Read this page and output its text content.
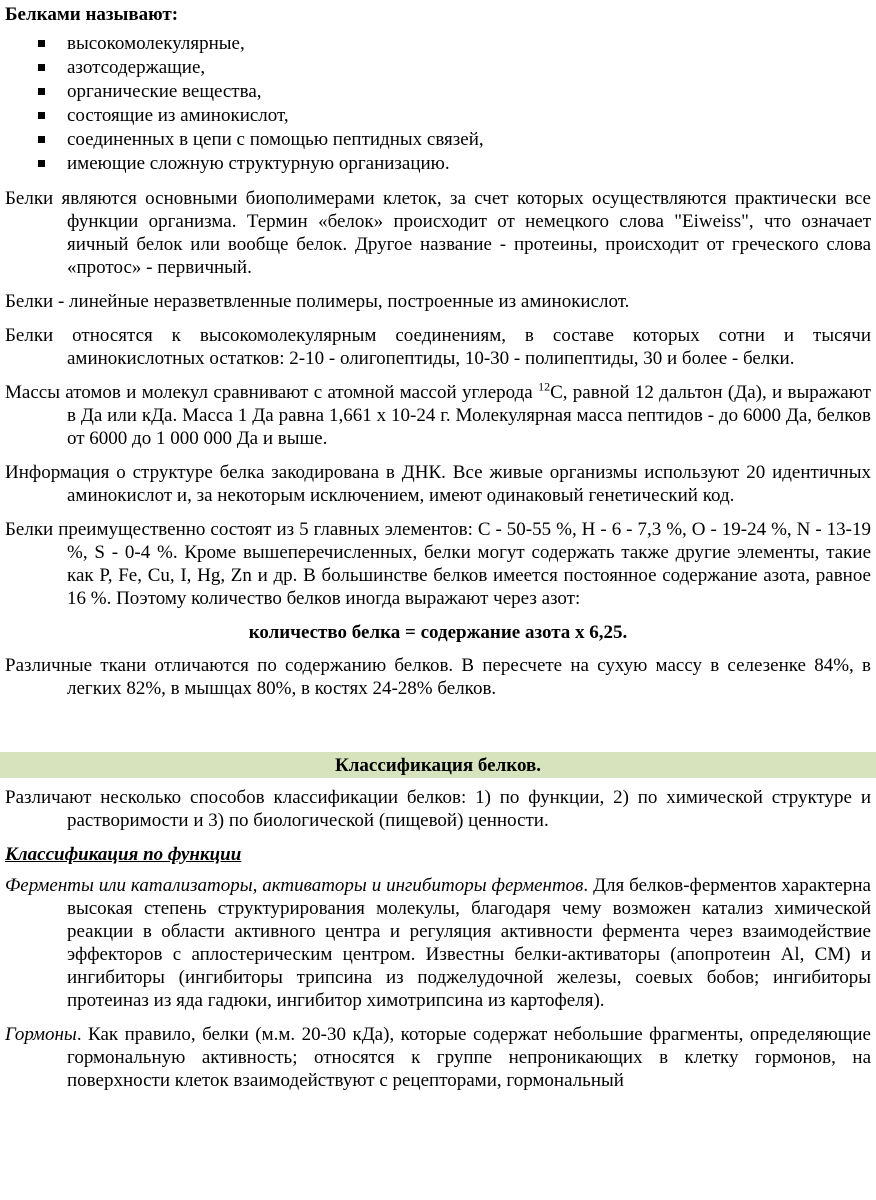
Белками называют:
высокомолекулярные,
азотсодержащие,
органические вещества,
состоящие из аминокислот,
соединенных в цепи с помощью пептидных связей,
имеющие сложную структурную организацию.

Белки являются основными биополимерами клеток, за счет которых осуществляются практически все функции организма. Термин «белок» происходит от немецкого слова "Eiweiss", что означает яичный белок или вообще белок. Другое название - протеины, происходит от греческого слова «протос» - первичный.

Белки - линейные неразветвленные полимеры, построенные из аминокислот.

Белки относятся к высокомолекулярным соединениям, в составе которых сотни и тысячи аминокислотных остатков: 2-10 - олигопептиды, 10-30 - полипептиды, 30 и более - белки.

Массы атомов и молекул сравнивают с атомной массой углерода $^{12}$С, равной 12 дальтон (Да), и выражают в Да или кДа. Масса 1 Да равна 1,661 х 10-24 г. Молекулярная масса пептидов - до 6000 Да, белков от 6000 до 1 000 000 Да и выше.

Информация о структуре белка закодирована в ДНК. Все живые организмы используют 20 идентичных аминокислот и, за некоторым исключением, имеют одинаковый генетический код.

Белки преимущественно состоят из 5 главных элементов: С - 50-55 %, Н - 6 - 7,3 %, О - 19-24 %, N - 13-19 %, S - 0-4 %. Кроме вышеперечисленных, белки могут содержать также другие элементы, такие как P, Fe, Cu, I, Hg, Zn и др. В большинстве белков имеется постоянное содержание азота, равное 16 %. Поэтому количество белков иногда выражают через азот:

количество белка = содержание азота х 6,25.

Различные ткани отличаются по содержанию белков. В пересчете на сухую массу в селезенке 84%, в легких 82%, в мышцах 80%, в костях 24-28% белков.

Классификация белков.

Различают несколько способов классификации белков: 1) по функции, 2) по химической структуре и растворимости и 3) по биологической (пищевой) ценности.

Классификация по функции

Ферменты или катализаторы, активаторы и ингибиторы ферментов. Для белков-ферментов характерна высокая степень структурирования молекулы, благодаря чему возможен катализ химической реакции в области активного центра и регуляция активности фермента через взаимодействие эффекторов с аплостерическим центром. Известны белки-активаторы (апопротеин Al, СМ) и ингибиторы (ингибиторы трипсина из поджелудочной железы, соевых бобов; ингибиторы протеиназ из яда гадюки, ингибитор химотрипсина из картофеля).

Гормоны. Как правило, белки (м.м. 20-30 кДа), которые содержат небольшие фрагменты, определяющие гормональную активность; относятся к группе непроникающих в клетку гормонов, на поверхности клеток взаимодействуют с рецепторами, гормональный
